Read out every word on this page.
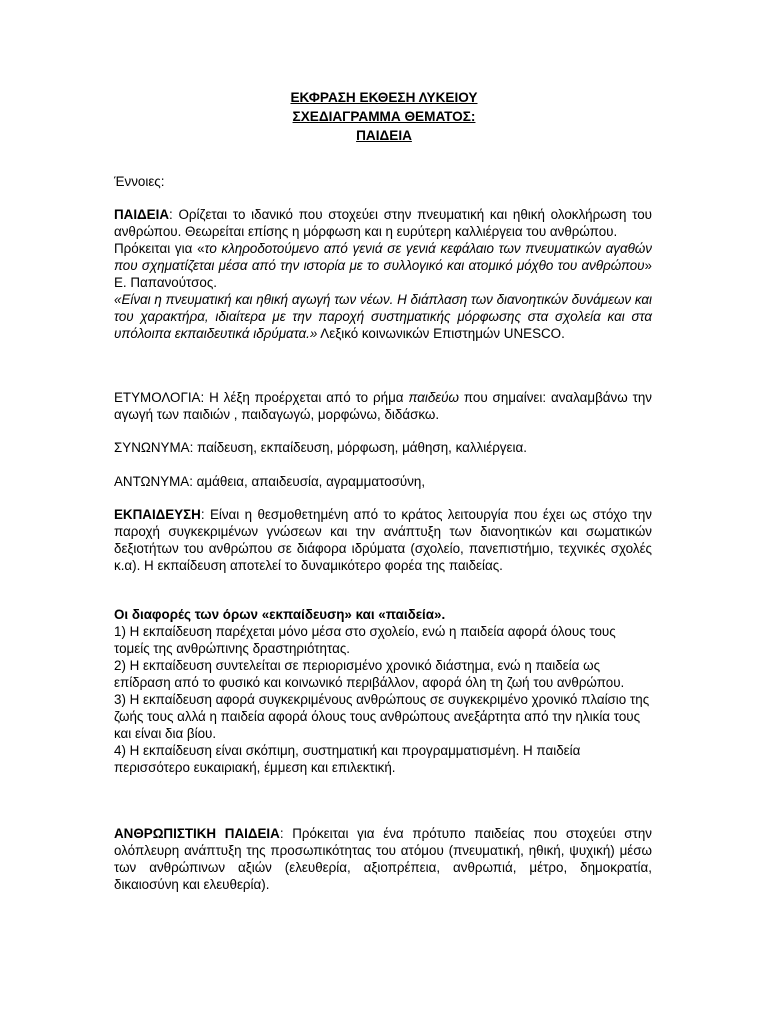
ΕΚΦΡΑΣΗ ΕΚΘΕΣΗ ΛΥΚΕΙΟΥ
ΣΧΕΔΙΑΓΡΑΜΜΑ ΘΕΜΑΤΟΣ:
ΠΑΙΔΕΙΑ

Έννοιες:

ΠΑΙΔΕΙΑ: Ορίζεται το ιδανικό που στοχεύει στην πνευματική και ηθική ολοκλήρωση του ανθρώπου. Θεωρείται επίσης η μόρφωση και η ευρύτερη καλλιέργεια του ανθρώπου.

Πρόκειται για «το κληροδοτούμενο από γενιά σε γενιά κεφάλαιο των πνευματικών αγαθών που σχηματίζεται μέσα από την ιστορία με το συλλογικό και ατομικό μόχθο του ανθρώπου» Ε. Παπανούτσος.

«Είναι η πνευματική και ηθική αγωγή των νέων. Η διάπλαση των διανοητικών δυνάμεων και του χαρακτήρα, ιδιαίτερα με την παροχή συστηματικής μόρφωσης στα σχολεία και στα υπόλοιπα εκπαιδευτικά ιδρύματα.» Λεξικό κοινωνικών Επιστημών UNESCO.

ΕΤΥΜΟΛΟΓΙΑ: Η λέξη προέρχεται από το ρήμα παιδεύω που σημαίνει: αναλαμβάνω την αγωγή των παιδιών , παιδαγωγώ, μορφώνω, διδάσκω.

ΣΥΝΩΝΥΜΑ: παίδευση, εκπαίδευση, μόρφωση, μάθηση, καλλιέργεια.

ΑΝΤΩΝΥΜΑ: αμάθεια, απαιδευσία, αγραμματοσύνη,

ΕΚΠΑΙΔΕΥΣΗ: Είναι η θεσμοθετημένη από το κράτος λειτουργία που έχει ως στόχο την παροχή συγκεκριμένων γνώσεων και την ανάπτυξη των διανοητικών και σωματικών δεξιοτήτων του ανθρώπου σε διάφορα ιδρύματα (σχολείο, πανεπιστήμιο, τεχνικές σχολές κ.α). Η εκπαίδευση αποτελεί το δυναμικότερο φορέα της παιδείας.

Οι διαφορές των όρων «εκπαίδευση» και «παιδεία».

1) Η εκπαίδευση παρέχεται μόνο μέσα στο σχολείο, ενώ η παιδεία αφορά όλους τους τομείς της ανθρώπινης δραστηριότητας.

2) Η εκπαίδευση συντελείται σε περιορισμένο χρονικό διάστημα, ενώ η παιδεία ως επίδραση από το φυσικό και κοινωνικό περιβάλλον, αφορά όλη τη ζωή του ανθρώπου.

3) Η εκπαίδευση αφορά συγκεκριμένους ανθρώπους σε συγκεκριμένο χρονικό πλαίσιο της ζωής τους αλλά η παιδεία αφορά όλους τους ανθρώπους ανεξάρτητα από την ηλικία τους και είναι δια βίου.

4) Η εκπαίδευση είναι σκόπιμη, συστηματική και προγραμματισμένη. Η παιδεία περισσότερο ευκαιριακή, έμμεση και επιλεκτική.

ΑΝΘΡΩΠΙΣΤΙΚΗ ΠΑΙΔΕΙΑ: Πρόκειται για ένα πρότυπο παιδείας που στοχεύει στην ολόπλευρη ανάπτυξη της προσωπικότητας του ατόμου (πνευματική, ηθική, ψυχική) μέσω των ανθρώπινων αξιών (ελευθερία, αξιοπρέπεια, ανθρωπιά, μέτρο, δημοκρατία, δικαιοσύνη και ελευθερία).
